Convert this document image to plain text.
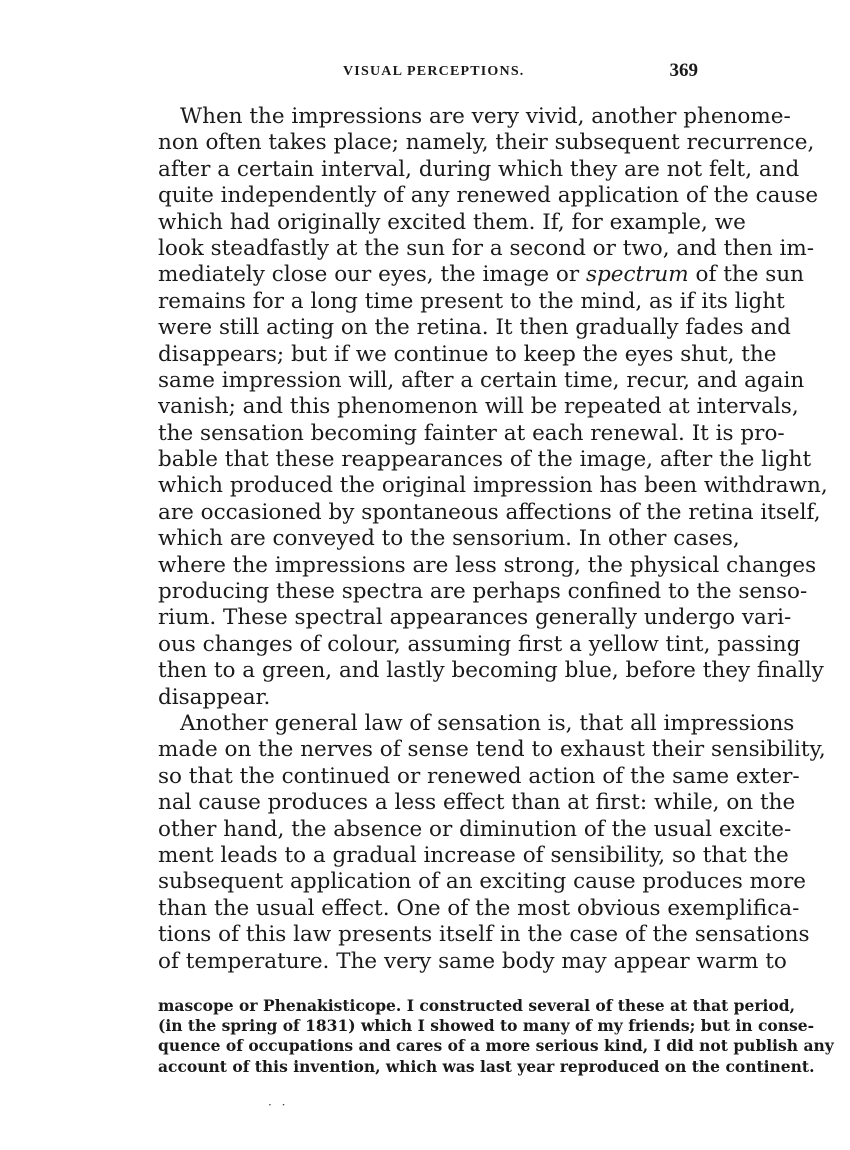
VISUAL PERCEPTIONS.	369
When the impressions are very vivid, another phenome-
non often takes place; namely, their subsequent recurrence,
after a certain interval, during which they are not felt, and
quite independently of any renewed application of the cause
which had originally excited them. If, for example, we
look steadfastly at the sun for a second or two, and then im-
mediately close our eyes, the image or spectrum of the sun
remains for a long time present to the mind, as if its light
were still acting on the retina. It then gradually fades and
disappears; but if we continue to keep the eyes shut, the
same impression will, after a certain time, recur, and again
vanish; and this phenomenon will be repeated at intervals,
the sensation becoming fainter at each renewal. It is pro-
bable that these reappearances of the image, after the light
which produced the original impression has been withdrawn,
are occasioned by spontaneous affections of the retina itself,
which are conveyed to the sensorium. In other cases,
where the impressions are less strong, the physical changes
producing these spectra are perhaps confined to the senso-
rium. These spectral appearances generally undergo vari-
ous changes of colour, assuming first a yellow tint, passing
then to a green, and lastly becoming blue, before they finally
disappear.
Another general law of sensation is, that all impressions
made on the nerves of sense tend to exhaust their sensibility,
so that the continued or renewed action of the same exter-
nal cause produces a less effect than at first: while, on the
other hand, the absence or diminution of the usual excite-
ment leads to a gradual increase of sensibility, so that the
subsequent application of an exciting cause produces more
than the usual effect. One of the most obvious exemplifica-
tions of this law presents itself in the case of the sensations
of temperature. The very same body may appear warm to
mascope or Phenakisticope. I constructed several of these at that period,
(in the spring of 1831) which I showed to many of my friends; but in conse-
quence of occupations and cares of a more serious kind, I did not publish any
account of this invention, which was last year reproduced on the continent.
· ·
